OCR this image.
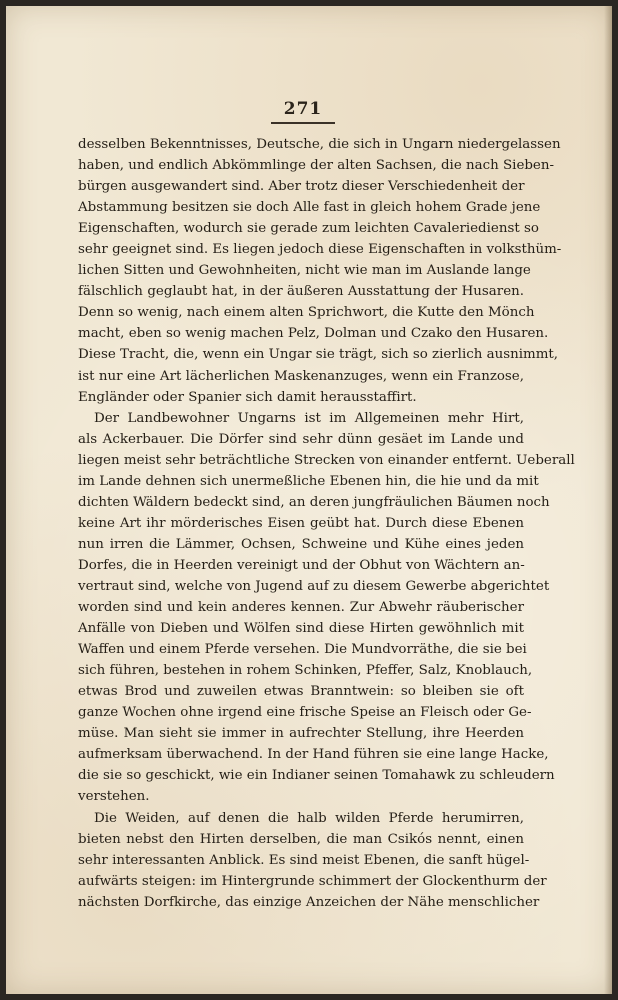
271
desselben Bekenntnisses, Deutsche, die sich in Ungarn niedergelassen
haben, und endlich Abkömmlinge der alten Sachsen, die nach Sieben-
bürgen ausgewandert sind. Aber trotz dieser Verschiedenheit der
Abstammung besitzen sie doch Alle fast in gleich hohem Grade jene
Eigenschaften, wodurch sie gerade zum leichten Cavaleriedienst so
sehr geeignet sind. Es liegen jedoch diese Eigenschaften in volksthüm-
lichen Sitten und Gewohnheiten, nicht wie man im Auslande lange
fälschlich geglaubt hat, in der äußeren Ausstattung der Husaren.
Denn so wenig, nach einem alten Sprichwort, die Kutte den Mönch
macht, eben so wenig machen Pelz, Dolman und Czako den Husaren.
Diese Tracht, die, wenn ein Ungar sie trägt, sich so zierlich ausnimmt,
ist nur eine Art lächerlichen Maskenanzuges, wenn ein Franzose,
Engländer oder Spanier sich damit herausstaffirt.
Der Landbewohner Ungarns ist im Allgemeinen mehr Hirt,
als Ackerbauer. Die Dörfer sind sehr dünn gesäet im Lande und
liegen meist sehr beträchtliche Strecken von einander entfernt. Ueberall
im Lande dehnen sich unermeßliche Ebenen hin, die hie und da mit
dichten Wäldern bedeckt sind, an deren jungfräulichen Bäumen noch
keine Art ihr mörderisches Eisen geübt hat. Durch diese Ebenen
nun irren die Lämmer, Ochsen, Schweine und Kühe eines jeden
Dorfes, die in Heerden vereinigt und der Obhut von Wächtern an-
vertraut sind, welche von Jugend auf zu diesem Gewerbe abgerichtet
worden sind und kein anderes kennen. Zur Abwehr räuberischer
Anfälle von Dieben und Wölfen sind diese Hirten gewöhnlich mit
Waffen und einem Pferde versehen. Die Mundvorräthe, die sie bei
sich führen, bestehen in rohem Schinken, Pfeffer, Salz, Knoblauch,
etwas Brod und zuweilen etwas Branntwein: so bleiben sie oft
ganze Wochen ohne irgend eine frische Speise an Fleisch oder Ge-
müse. Man sieht sie immer in aufrechter Stellung, ihre Heerden
aufmerksam überwachend. In der Hand führen sie eine lange Hacke,
die sie so geschickt, wie ein Indianer seinen Tomahawk zu schleudern
verstehen.
Die Weiden, auf denen die halb wilden Pferde herumirren,
bieten nebst den Hirten derselben, die man Csikós nennt, einen
sehr interessanten Anblick. Es sind meist Ebenen, die sanft hügel-
aufwärts steigen: im Hintergrunde schimmert der Glockenthurm der
nächsten Dorfkirche, das einzige Anzeichen der Nähe menschlicher
